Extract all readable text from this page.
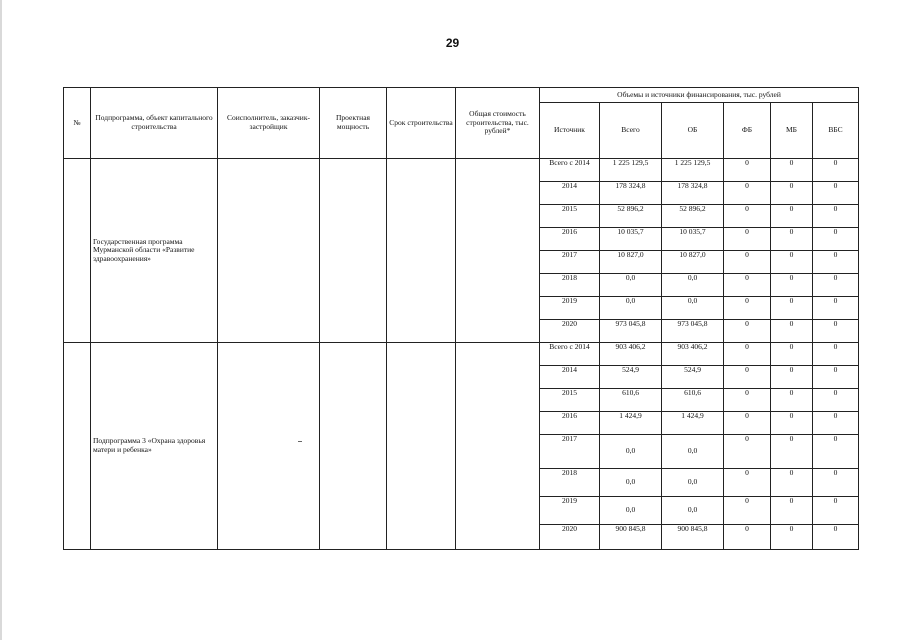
29
№	Подпрограмма, объект капитального строительства	Соисполнитель, заказчик-застройщик	Проектная мощность	Срок строительства	Общая стоимость строительства, тыс. рублей*	Объемы и источники финансирования, тыс. рублей					
						Источник	Всего	ОБ	ФБ	МБ	ВБС
	Государственная программа Мурманской области «Развитие здравоохранения»					Всего с 2014	1 225 129,5	1 225 129,5	0	0	0
						2014	178 324,8	178 324,8	0	0	0
						2015	52 896,2	52 896,2	0	0	0
						2016	10 035,7	10 035,7	0	0	0
						2017	10 827,0	10 827,0	0	0	0
						2018	0,0	0,0	0	0	0
						2019	0,0	0,0	0	0	0
						2020	973 045,8	973 045,8	0	0	0
	Подпрограмма 3 «Охрана здоровья матери и ребенка»					Всего с 2014	903 406,2	903 406,2	0	0	0
						2014	524,9	524,9	0	0	0
						2015	610,6	610,6	0	0	0
						2016	1 424,9	1 424,9	0	0	0
						2017	0,0	0,0	0	0	0
						2018	0,0	0,0	0	0	0
						2019	0,0	0,0	0	0	0
						2020	900 845,8	900 845,8	0	0	0
